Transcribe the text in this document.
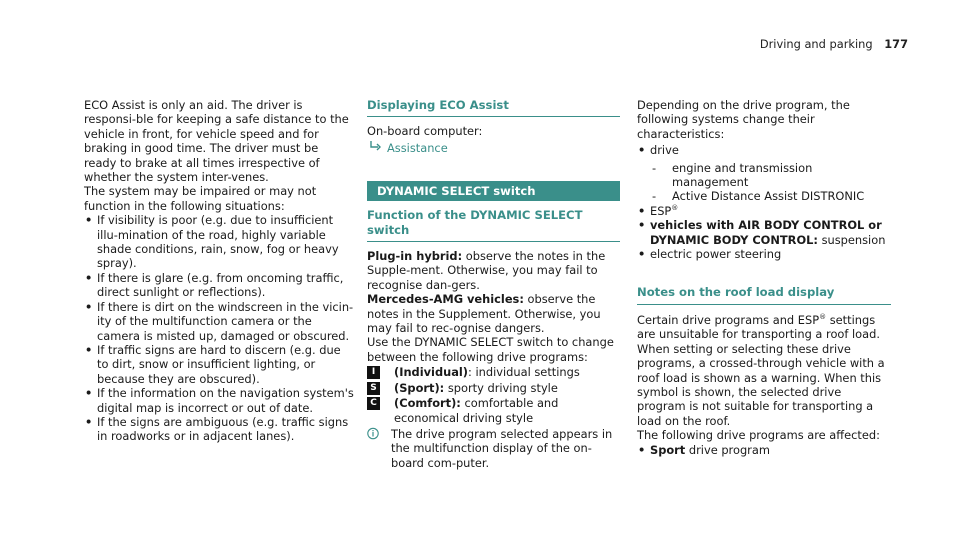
Driving and parking 177

ECO Assist is only an aid. The driver is responsi-ble for keeping a safe distance to the vehicle in front, for vehicle speed and for braking in good time. The driver must be ready to brake at all times irrespective of whether the system inter-venes.

The system may be impaired or may not function in the following situations:

• If visibility is poor (e.g. due to insufficient illu-mination of the road, highly variable shade conditions, rain, snow, fog or heavy spray).
• If there is glare (e.g. from oncoming traffic, direct sunlight or reflections).
• If there is dirt on the windscreen in the vicin-ity of the multifunction camera or the camera is misted up, damaged or obscured.
• If traffic signs are hard to discern (e.g. due to dirt, snow or insufficient lighting, or because they are obscured).
• If the information on the navigation system's digital map is incorrect or out of date.
• If the signs are ambiguous (e.g. traffic signs in roadworks or in adjacent lanes).
Displaying ECO Assist

On-board computer:

Assistance
DYNAMIC SELECT switch
Function of the DYNAMIC SELECT switch

Plug-in hybrid: observe the notes in the Supple-ment. Otherwise, you may fail to recognise dan-gers.

Mercedes-AMG vehicles: observe the notes in the Supplement. Otherwise, you may fail to rec-ognise dangers.

Use the DYNAMIC SELECT switch to change between the following drive programs:

I	(Individual): individual settings
S (Sport): sporty driving style
C (Comfort): comfortable and economical driving style
The drive program selected appears in the multifunction display of the on-board com-puter.

Depending on the drive program, the following systems change their characteristics:

• drive
- engine and transmission management
- Active Distance Assist DISTRONIC
• ESP®
• vehicles with AIR BODY CONTROL or DYNAMIC BODY CONTROL: suspension
• electric power steering
Notes on the roof load display

Certain drive programs and ESP® settings are unsuitable for transporting a roof load.

When setting or selecting these drive programs, a crossed-through vehicle with a roof load is shown as a warning. When this symbol is shown, the selected drive program is not suitable for transporting a load on the roof.

The following drive programs are affected:

• Sport drive program
